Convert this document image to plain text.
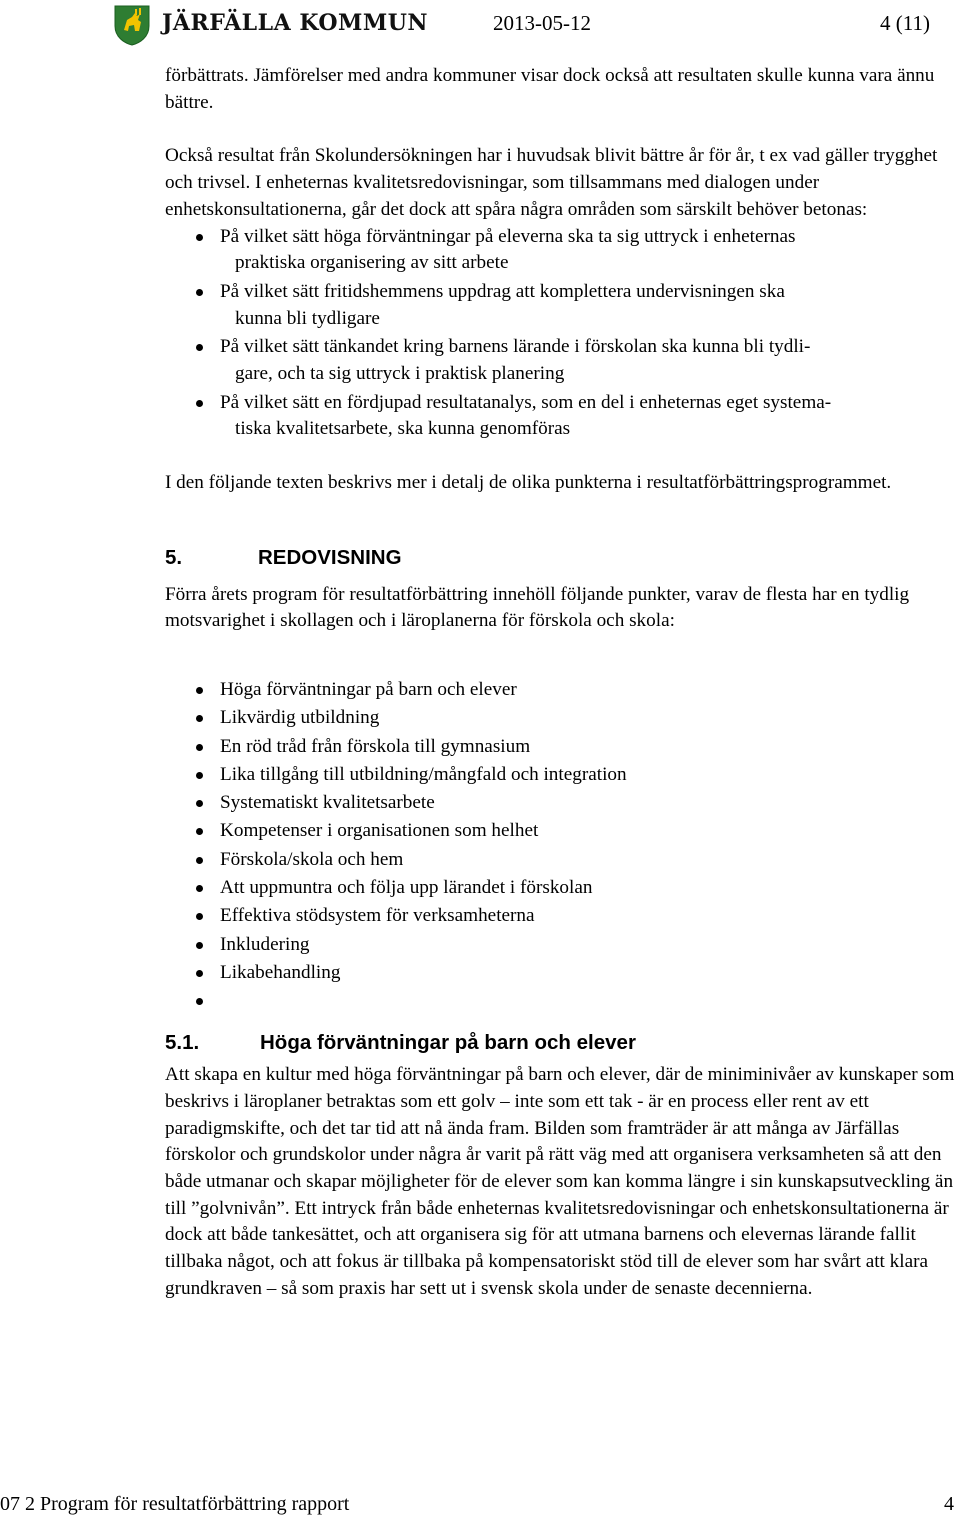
JÄRFÄLLA KOMMUN	2013-05-12	4 (11)

förbättrats. Jämförelser med andra kommuner visar dock också att resultaten skulle kunna vara ännu bättre.

Också resultat från Skolundersökningen har i huvudsak blivit bättre år för år, t ex vad gäller trygghet och trivsel. I enheternas kvalitetsredovisningar, som tillsammans med dialogen under enhetskonsultationerna, går det dock att spåra några områden som särskilt behöver betonas:

På vilket sätt höga förväntningar på eleverna ska ta sig uttryck i enheternas
praktiska organisering av sitt arbete
På vilket sätt fritidshemmens uppdrag att komplettera undervisningen ska
kunna bli tydligare
På vilket sätt tänkandet kring barnens lärande i förskolan ska kunna bli tydli-
gare, och ta sig uttryck i praktisk planering
På vilket sätt en fördjupad resultatanalys, som en del i enheternas eget systema-
tiska kvalitetsarbete, ska kunna genomföras

I den följande texten beskrivs mer i detalj de olika punkterna i resultatförbättringsprogrammet.

5.	REDOVISNING

Förra årets program för resultatförbättring innehöll följande punkter, varav de flesta har en tydlig motsvarighet i skollagen och i läroplanerna för förskola och skola:

Höga förväntningar på barn och elever
Likvärdig utbildning
En röd tråd från förskola till gymnasium
Lika tillgång till utbildning/mångfald och integration
Systematiskt kvalitetsarbete
Kompetenser i organisationen som helhet
Förskola/skola och hem
Att uppmuntra och följa upp lärandet i förskolan
Effektiva stödsystem för verksamheterna
Inkludering
Likabehandling
5.1.	Höga förväntningar på barn och elever

Att skapa en kultur med höga förväntningar på barn och elever, där de miniminivåer av kunskaper som beskrivs i läroplaner betraktas som ett golv – inte som ett tak - är en process eller rent av ett paradigmskifte, och det tar tid att nå ända fram. Bilden som framträder är att många av Järfällas förskolor och grundskolor under några år varit på rätt väg med att organisera verksamheten så att den både utmanar och skapar möjligheter för de elever som kan komma längre i sin kunskapsutveckling än till ”golvnivån”. Ett intryck från både enheternas kvalitetsredovisningar och enhetskonsultationerna är dock att både tankesättet, och att organisera sig för att utmana barnens och elevernas lärande fallit tillbaka något, och att fokus är tillbaka på kompensatoriskt stöd till de elever som har svårt att klara grundkraven – så som praxis har sett ut i svensk skola under de senaste decennierna.

07 2 Program för resultatförbättring rapport	4
